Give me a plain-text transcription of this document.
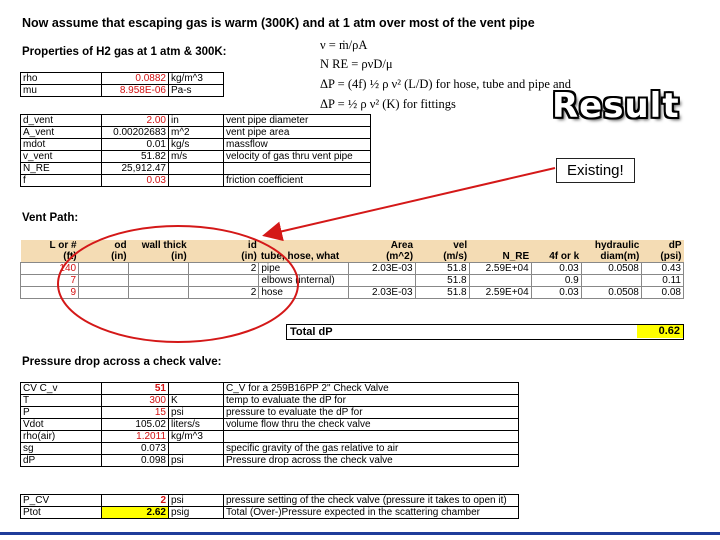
Now assume that escaping gas is warm (300K) and at 1 atm over most of the vent pipe
Properties of H2 gas at 1 atm & 300K:	ν = ṁ/ρA
N RE = ρνD/μ
ΔP = (4f) ½ ρ ν² (L/D) for hose, tube and pipe and
ΔP = ½ ρ ν² (K) for fittings
rho	0.0882	kg/m^3
mu	8.958E-06	Pa-s
d_vent	2.00	in	vent pipe diameter
A_vent	0.00202683	m^2	vent pipe area
mdot	0.01	kg/s	massflow
v_vent	51.82	m/s	velocity of gas thru vent pipe
N_RE	25,912.47		
f	0.03		friction coefficient
Result
Existing!
Vent Path:
L or #	od	wall thick	id		Area	vel			hydraulic	dP
(ft)	(in)	(in)	(in)	tube, hose, what	(m^2)	(m/s)	N_RE	4f or k	diam(m)	(psi)
140			2	pipe	2.03E-03	51.8	2.59E+04	0.03	0.0508	0.43
7				elbows (internal)		51.8		0.9		0.11
9			2	hose	2.03E-03	51.8	2.59E+04	0.03	0.0508	0.08
Total dP	0.62
Pressure drop across a check valve:
CV C_v	51		C_V for a 259B16PP 2" Check Valve
T	300	K	temp to evaluate the dP for
P	15	psi	pressure to evaluate the dP for
Vdot	105.02	liters/s	volume flow thru the check valve
rho(air)	1.2011	kg/m^3	
sg	0.073		specific gravity of the gas relative to air
dP	0.098	psi	Pressure drop across the check valve
P_CV	2	psi	pressure setting of the check valve (pressure it takes to open it)
Ptot	2.62	psig	Total (Over-)Pressure expected in the scattering chamber
